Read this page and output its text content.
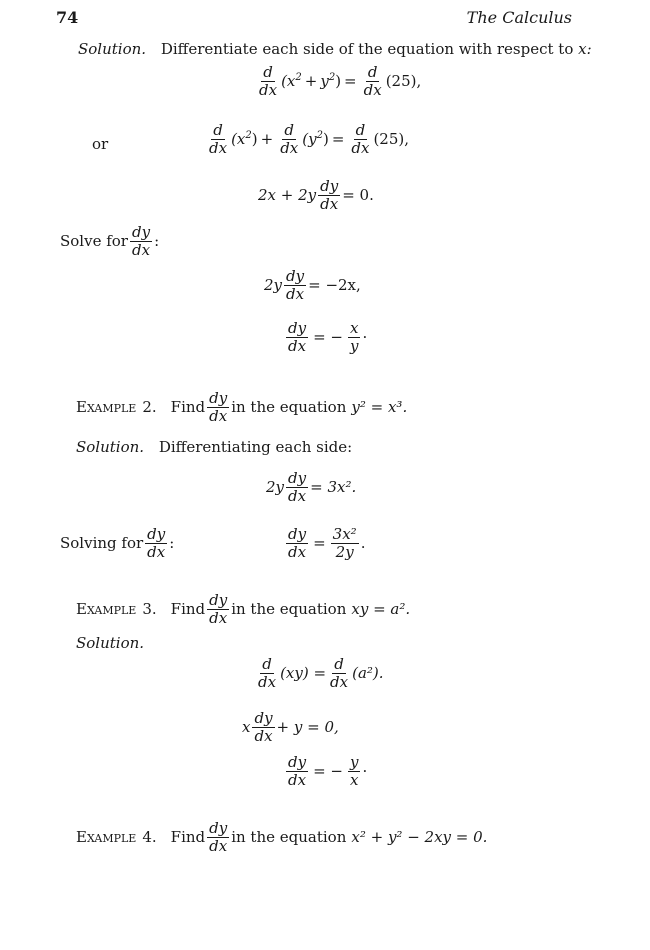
74	The Calculus
Solution. Differentiate each side of the equation with respect to x:
$\frac{d}{dx} (x^2 + y^2$ ) = $\frac{d}{dx} (25)$,
or	$\frac{d}{dx} (x^2$ ) + $\frac{d}{dx} (y^2$ ) = $\frac{d}{dx} (25)$,
$2x + 2y \frac{dy}{dx} = 0$.
Solve for $\frac{dy}{dx}$ :
$2y \frac{dy}{dx} = -2x$,
$\frac{dy}{dx}$ = − $\frac{x}{y}$ ·
Example 2. Find $\frac{dy}{dx}$ in the equation y² = x³.
Solution. Differentiating each side:
$2y \frac{dy}{dx} = 3x^2$.
Solving for $\frac{dy}{dx}$ :	$\frac{dy}{dx} = \frac{\text{3x²}}{2y}$ .
Example 3. Find $\frac{dy}{dx}$ in the equation xy = a².
Solution.
$\frac{d}{dx} (xy) = \frac{d}{dx} (a^2)$.
x $\frac{dy}{dx} + y = 0$,
$\frac{dy}{dx}$ = − $\frac{y}{x}$ ·
Example 4. Find $\frac{dy}{dx}$ in the equation x² + y² − 2xy = 0.
